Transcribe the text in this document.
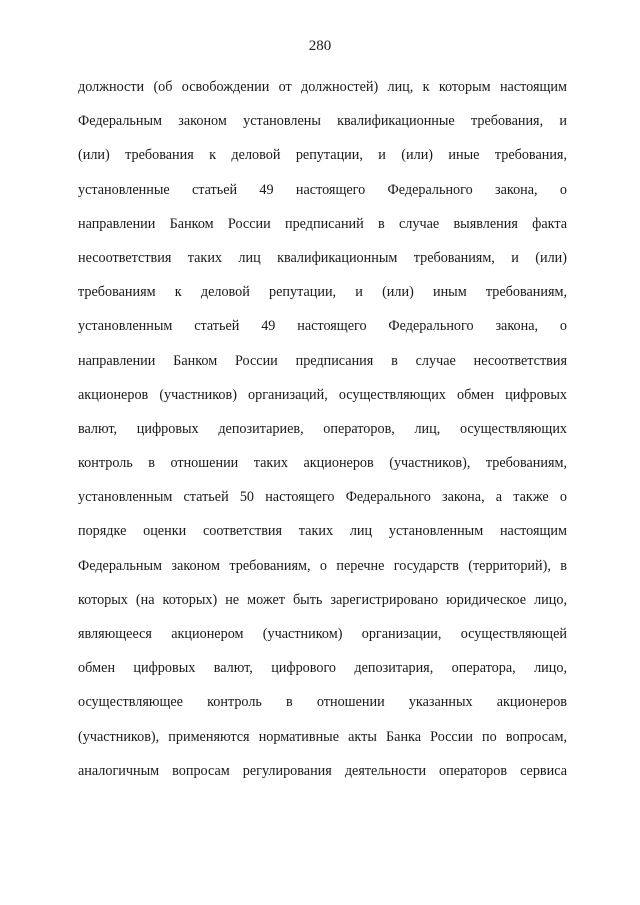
280
должности (об освобождении от должностей) лиц, к которым настоящим
Федеральным законом установлены квалификационные требования, и
(или) требования к деловой репутации, и (или) иные требования,
установленные статьей 49 настоящего Федерального закона, о
направлении Банком России предписаний в случае выявления факта
несоответствия таких лиц квалификационным требованиям, и (или)
требованиям к деловой репутации, и (или) иным требованиям,
установленным статьей 49 настоящего Федерального закона, о
направлении Банком России предписания в случае несоответствия
акционеров (участников) организаций, осуществляющих обмен цифровых
валют, цифровых депозитариев, операторов, лиц, осуществляющих
контроль в отношении таких акционеров (участников), требованиям,
установленным статьей 50 настоящего Федерального закона, а также о
порядке оценки соответствия таких лиц установленным настоящим
Федеральным законом требованиям, о перечне государств (территорий), в
которых (на которых) не может быть зарегистрировано юридическое лицо,
являющееся акционером (участником) организации, осуществляющей
обмен цифровых валют, цифрового депозитария, оператора, лицо,
осуществляющее контроль в отношении указанных акционеров
(участников), применяются нормативные акты Банка России по вопросам,
аналогичным вопросам регулирования деятельности операторов сервиса
